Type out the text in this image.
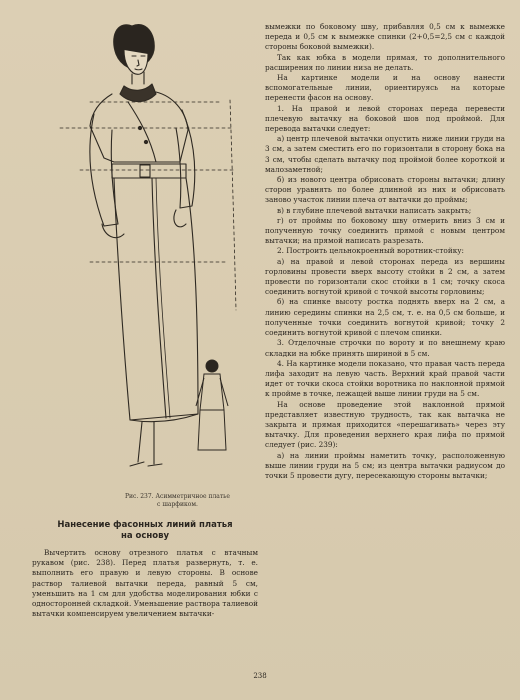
Рис. 237. Асимметричное платье
с шарфиком.
Нанесение фасонных линий платья
на основу

Вычертить основу отрезного платья с втачным рукавом (рис. 238). Перед платья развернуть, т. е. выполнить его правую и левую стороны. В основе раствор талиевой вытачки переда, равный 5 см, уменьшить на 1 см для удобства моделирования юбки с односторонней складкой. Уменьшение раствора талиевой вытачки компенсируем увеличением вытачки-

вымежки по боковому шву, прибавляя 0,5 см к вымежке переда и 0,5 см к вымежке спинки (2+0,5=2,5 см с каждой стороны боковой вымежки).

Так как юбка в модели прямая, то дополнительного расширения по линии низа не делать.

На картинке модели и на основу нанести вспомогательные линии, ориентируясь на которые перенести фасон на основу.

1. На правой и левой сторонах переда перевести плечевую вытачку на боковой шов под проймой. Для перевода вытачки следует:

а) центр плечевой вытачки опустить ниже линии груди на 3 см, а затем сместить его по горизонтали в сторону бока на 3 см, чтобы сделать вытачку под проймой более короткой и малозаметной;

б) из нового центра обрисовать стороны вытачки; длину сторон уравнять по более длинной из них и обрисовать заново участок линии плеча от вытачки до проймы;

в) в глубине плечевой вытачки написать закрыть;

г) от проймы по боковому шву отмерить вниз 3 см и полученную точку соединить прямой с новым центром вытачки; на прямой написать разрезать.

2. Построить цельнокроенный воротник-стойку:

а) на правой и левой сторонах переда из вершины горловины провести вверх высоту стойки в 2 см, а затем провести по горизонтали скос стойки в 1 см; точку скоса соединить вогнутой кривой с точкой высоты горловины;

б) на спинке высоту ростка поднять вверх на 2 см, а линию середины спинки на 2,5 см, т. е. на 0,5 см больше, и полученные точки соединить вогнутой кривой; точку 2 соединить вогнутой кривой с плечом спинки.

3. Отделочные строчки по вороту и по внешнему краю складки на юбке принять шириной в 5 см.

4. На картинке модели показано, что правая часть переда лифа заходит на левую часть. Верхний край правой части идет от точки скоса стойки воротника по наклонной прямой к пройме в точке, лежащей выше линии груди на 5 см.

На основе проведение этой наклонной прямой представляет известную трудность, так как вытачка не закрыта и прямая приходится «перешагивать» через эту вытачку. Для проведения верхнего края лифа по прямой следует (рис. 239):

а) на линии проймы наметить точку, расположенную выше линии груди на 5 см; из центра вытачки радиусом до точки 5 провести дугу, пересекающую стороны вытачки;

238
